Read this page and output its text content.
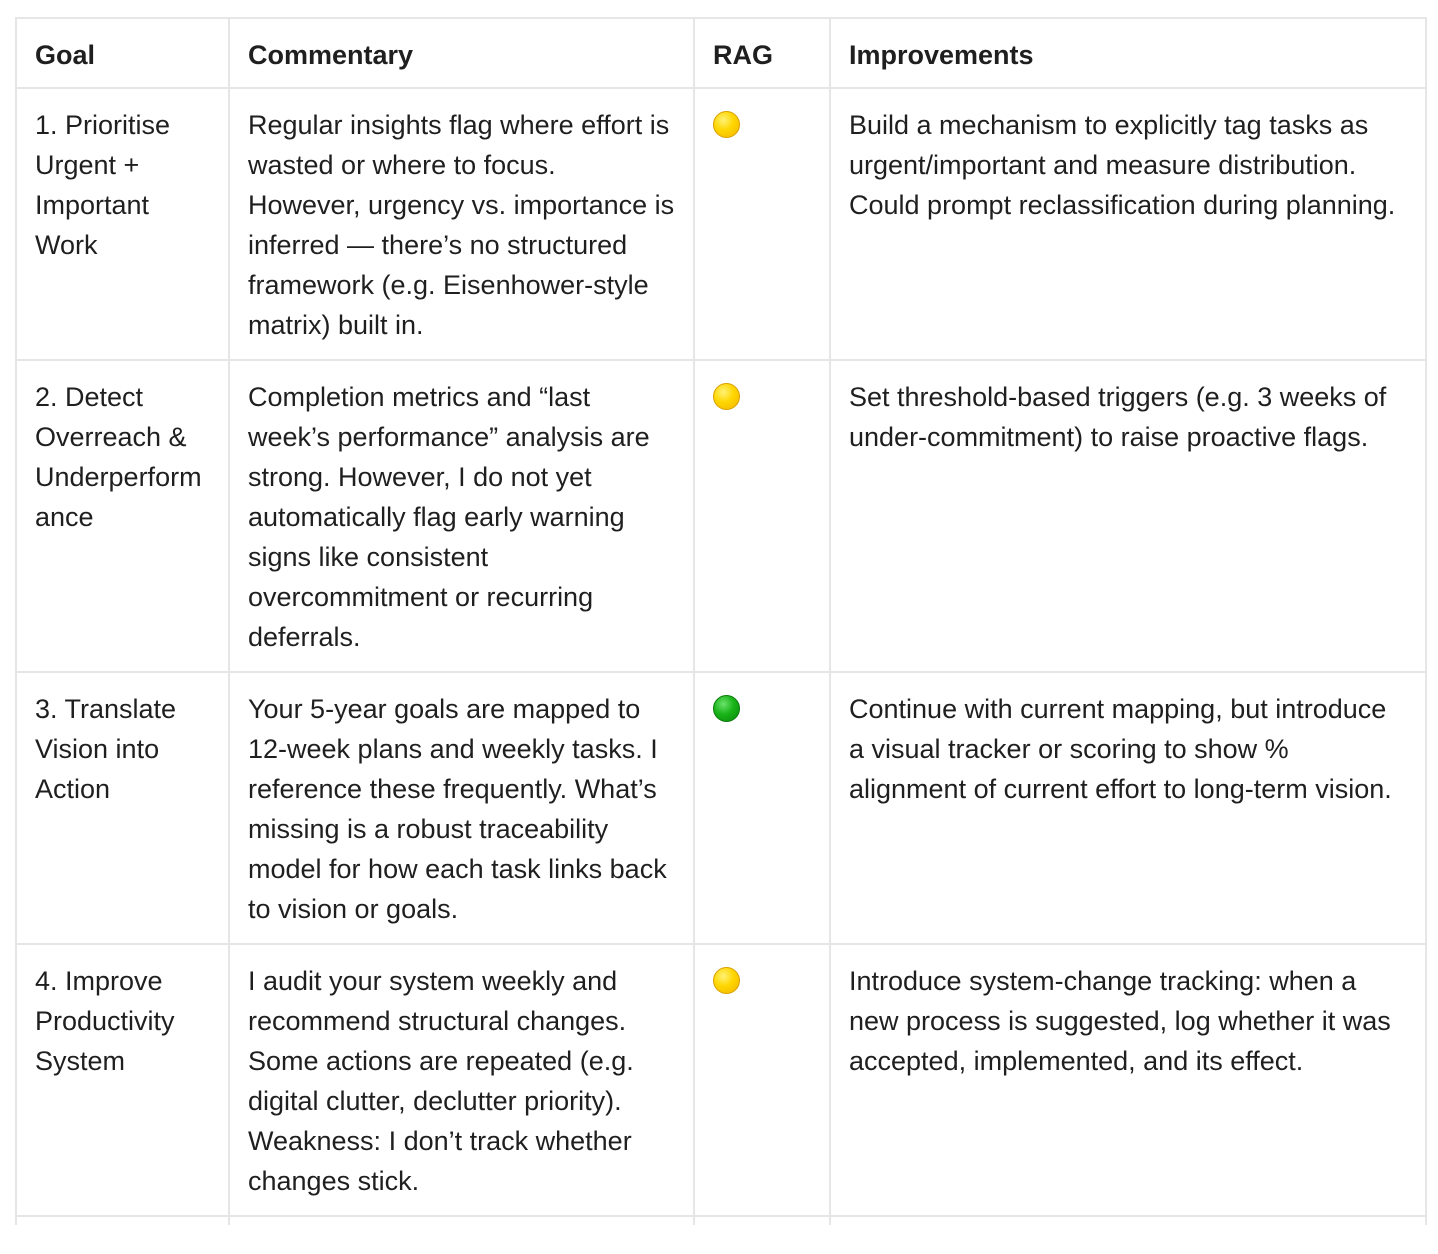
Goal	Commentary	RAG	Improvements
1. Prioritise Urgent + Important Work	Regular insights flag where effort is wasted or where to focus. However, urgency vs. importance is inferred — there’s no structured framework (e.g. Eisenhower-style matrix) built in.		Build a mechanism to explicitly tag tasks as urgent/important and measure distribution. Could prompt reclassification during planning.
2. Detect Overreach & Underperformance	Completion metrics and “last week’s performance” analysis are strong. However, I do not yet automatically flag early warning signs like consistent overcommitment or recurring deferrals.		Set threshold-based triggers (e.g. 3 weeks of under-commitment) to raise proactive flags.
3. Translate Vision into Action	Your 5-year goals are mapped to 12-week plans and weekly tasks. I reference these frequently. What’s missing is a robust traceability model for how each task links back to vision or goals.		Continue with current mapping, but introduce a visual tracker or scoring to show % alignment of current effort to long-term vision.
4. Improve Productivity System	I audit your system weekly and recommend structural changes. Some actions are repeated (e.g. digital clutter, declutter priority). Weakness: I don’t track whether changes stick.		Introduce system-change tracking: when a new process is suggested, log whether it was accepted, implemented, and its effect.
